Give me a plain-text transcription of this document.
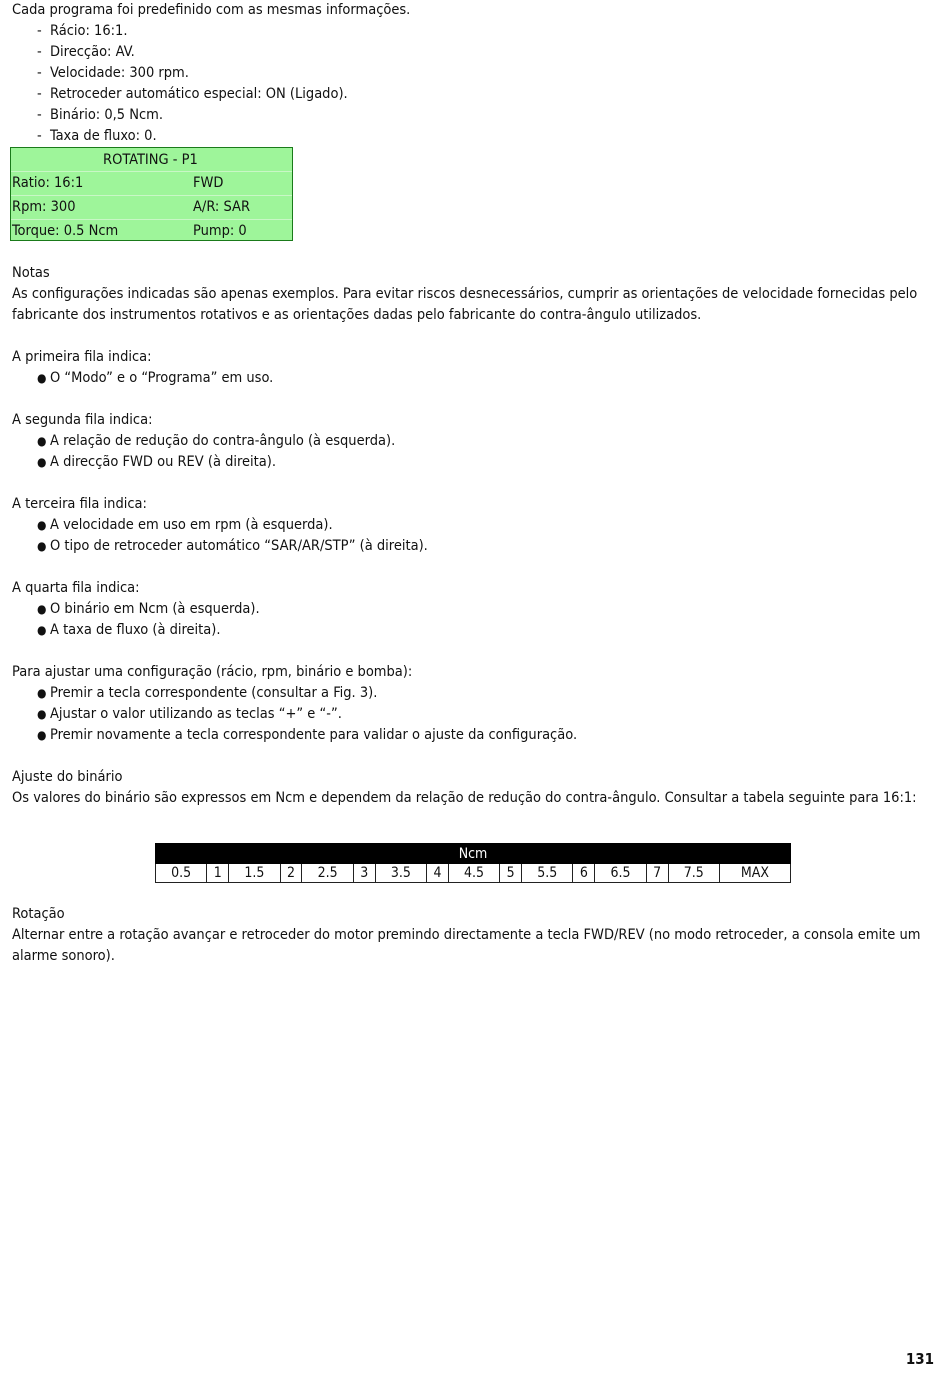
Cada programa foi predefinido com as mesmas informações.
- Rácio: 16:1.
- Direcção: AV.
- Velocidade: 300 rpm.
- Retroceder automático especial: ON (Ligado).
- Binário: 0,5 Ncm.
- Taxa de fluxo: 0.
Notas
As configurações indicadas são apenas exemplos. Para evitar riscos desnecessários, cumprir as orientações de velocidade fornecidas pelo
fabricante dos instrumentos rotativos e as orientações dadas pelo fabricante do contra-ângulo utilizados.
A primeira fila indica:
● O “Modo” e o “Programa” em uso.
A segunda fila indica:
● A relação de redução do contra-ângulo (à esquerda).
● A direcção FWD ou REV (à direita).
A terceira fila indica:
● A velocidade em uso em rpm (à esquerda).
● O tipo de retroceder automático “SAR/AR/STP” (à direita).
A quarta fila indica:
● O binário em Ncm (à esquerda).
● A taxa de fluxo (à direita).
Para ajustar uma configuração (rácio, rpm, binário e bomba):
● Premir a tecla correspondente (consultar a Fig. 3).
● Ajustar o valor utilizando as teclas “+” e “-”.
● Premir novamente a tecla correspondente para validar o ajuste da configuração.
Ajuste do binário
Os valores do binário são expressos em Ncm e dependem da relação de redução do contra-ângulo. Consultar a tabela seguinte para 16:1:
Rotação
Alternar entre a rotação avançar e retroceder do motor premindo directamente a tecla FWD/REV (no modo retroceder, a consola emite um
alarme sonoro).
ROTATING - P1
Ratio: 16:1	FWD
Rpm: 300	A/R: SAR
Torque: 0.5 Ncm	Pump: 0
Ncm
0.5	1	1.5	2	2.5	3	3.5	4	4.5	5	5.5	6	6.5	7	7.5	MAX
131
